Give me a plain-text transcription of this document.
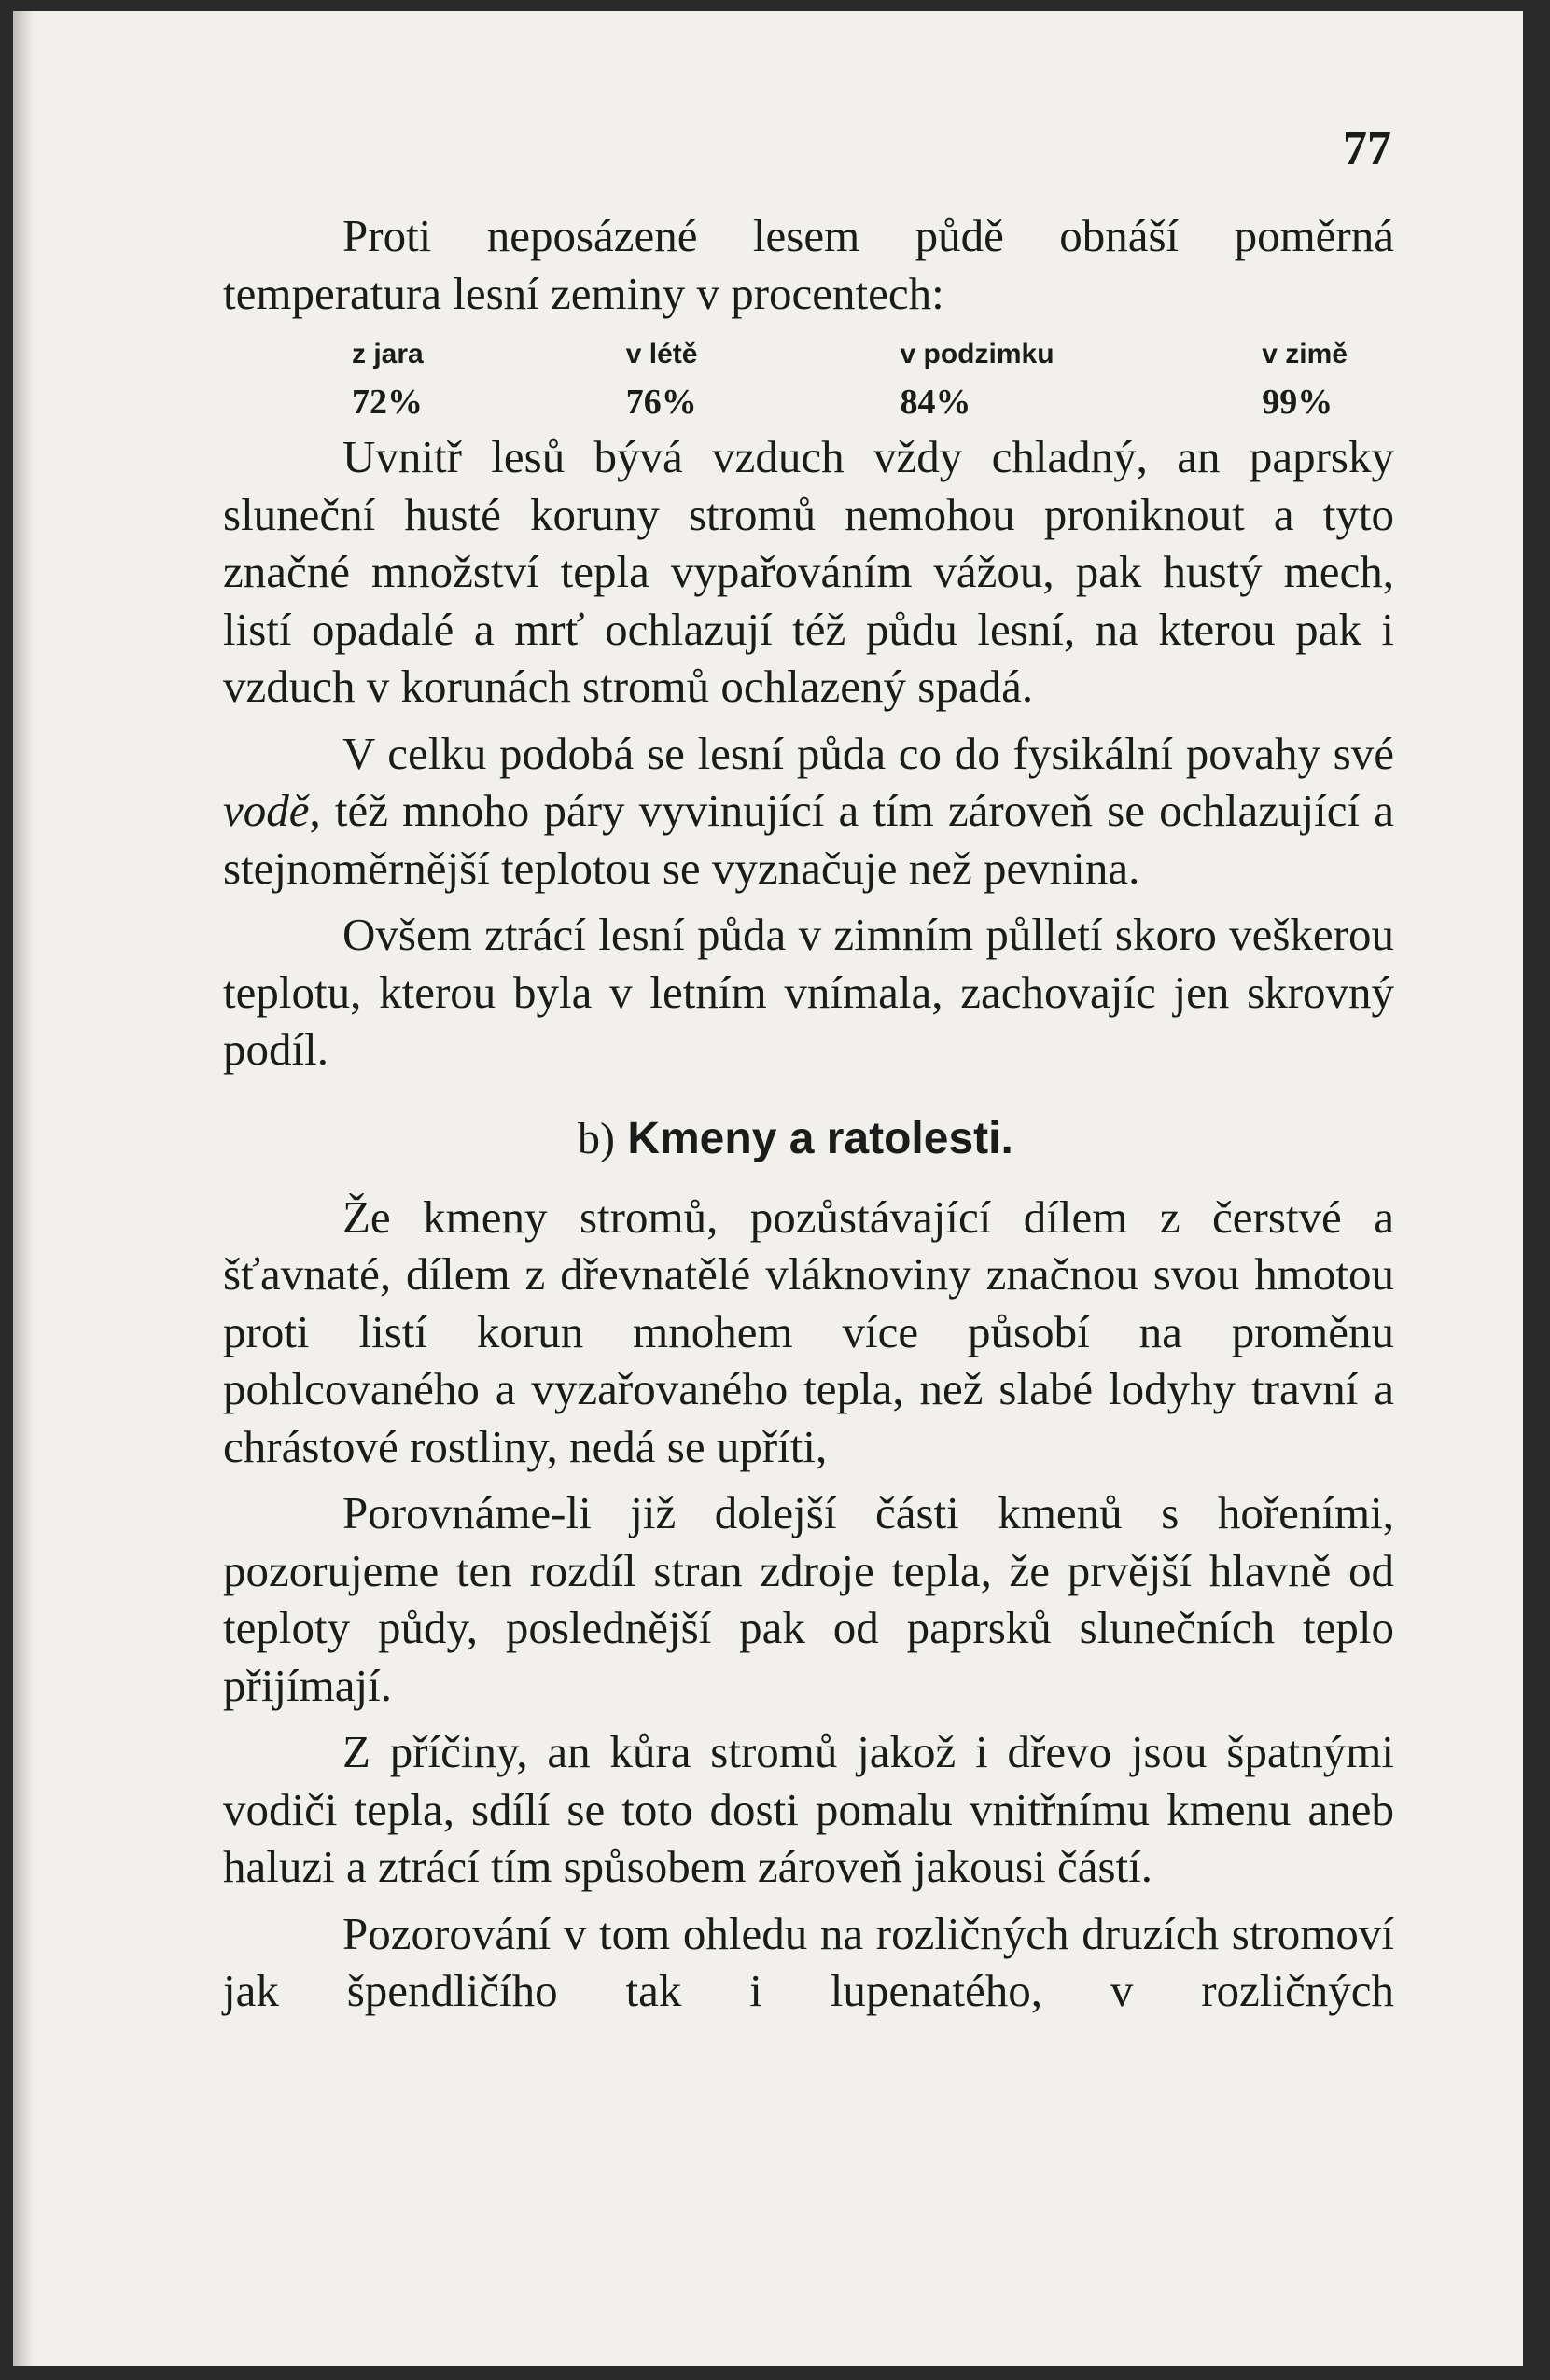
77

Proti neposázené lesem půdě obnáší poměrná temperatura lesní zeminy v procentech:

z jara	v létě	v podzimku	v zimě
72%	76%	84%	99%

Uvnitř lesů bývá vzduch vždy chladný, an paprsky sluneční husté koruny stromů nemohou proniknout a tyto značné množství tepla vypařováním vážou, pak hustý mech, listí opadalé a mrť ochlazují též půdu lesní, na kterou pak i vzduch v korunách stromů ochlazený spadá.

V celku podobá se lesní půda co do fysikální povahy své vodě, též mnoho páry vyvinující a tím zároveň se ochlazující a stejnoměrnější teplotou se vyznačuje než pevnina.

Ovšem ztrácí lesní půda v zimním půlletí skoro veškerou teplotu, kterou byla v letním vnímala, zachovajíc jen skrovný podíl.

b) Kmeny a ratolesti.

Že kmeny stromů, pozůstávající dílem z čerstvé a šťavnaté, dílem z dřevnatělé vláknoviny značnou svou hmotou proti listí korun mnohem více působí na proměnu pohlcovaného a vyzařovaného tepla, než slabé lodyhy travní a chrástové rostliny, nedá se upříti,

Porovnáme-li již dolejší části kmenů s hořeními, pozorujeme ten rozdíl stran zdroje tepla, že prvější hlavně od teploty půdy, poslednější pak od paprsků slunečních teplo přijímají.

Z příčiny, an kůra stromů jakož i dřevo jsou špatnými vodiči tepla, sdílí se toto dosti pomalu vnitřnímu kmenu aneb haluzi a ztrácí tím spůsobem zároveň jakousi částí.

Pozorování v tom ohledu na rozličných druzích stromoví jak špendličího tak i lupenatého, v rozličných
